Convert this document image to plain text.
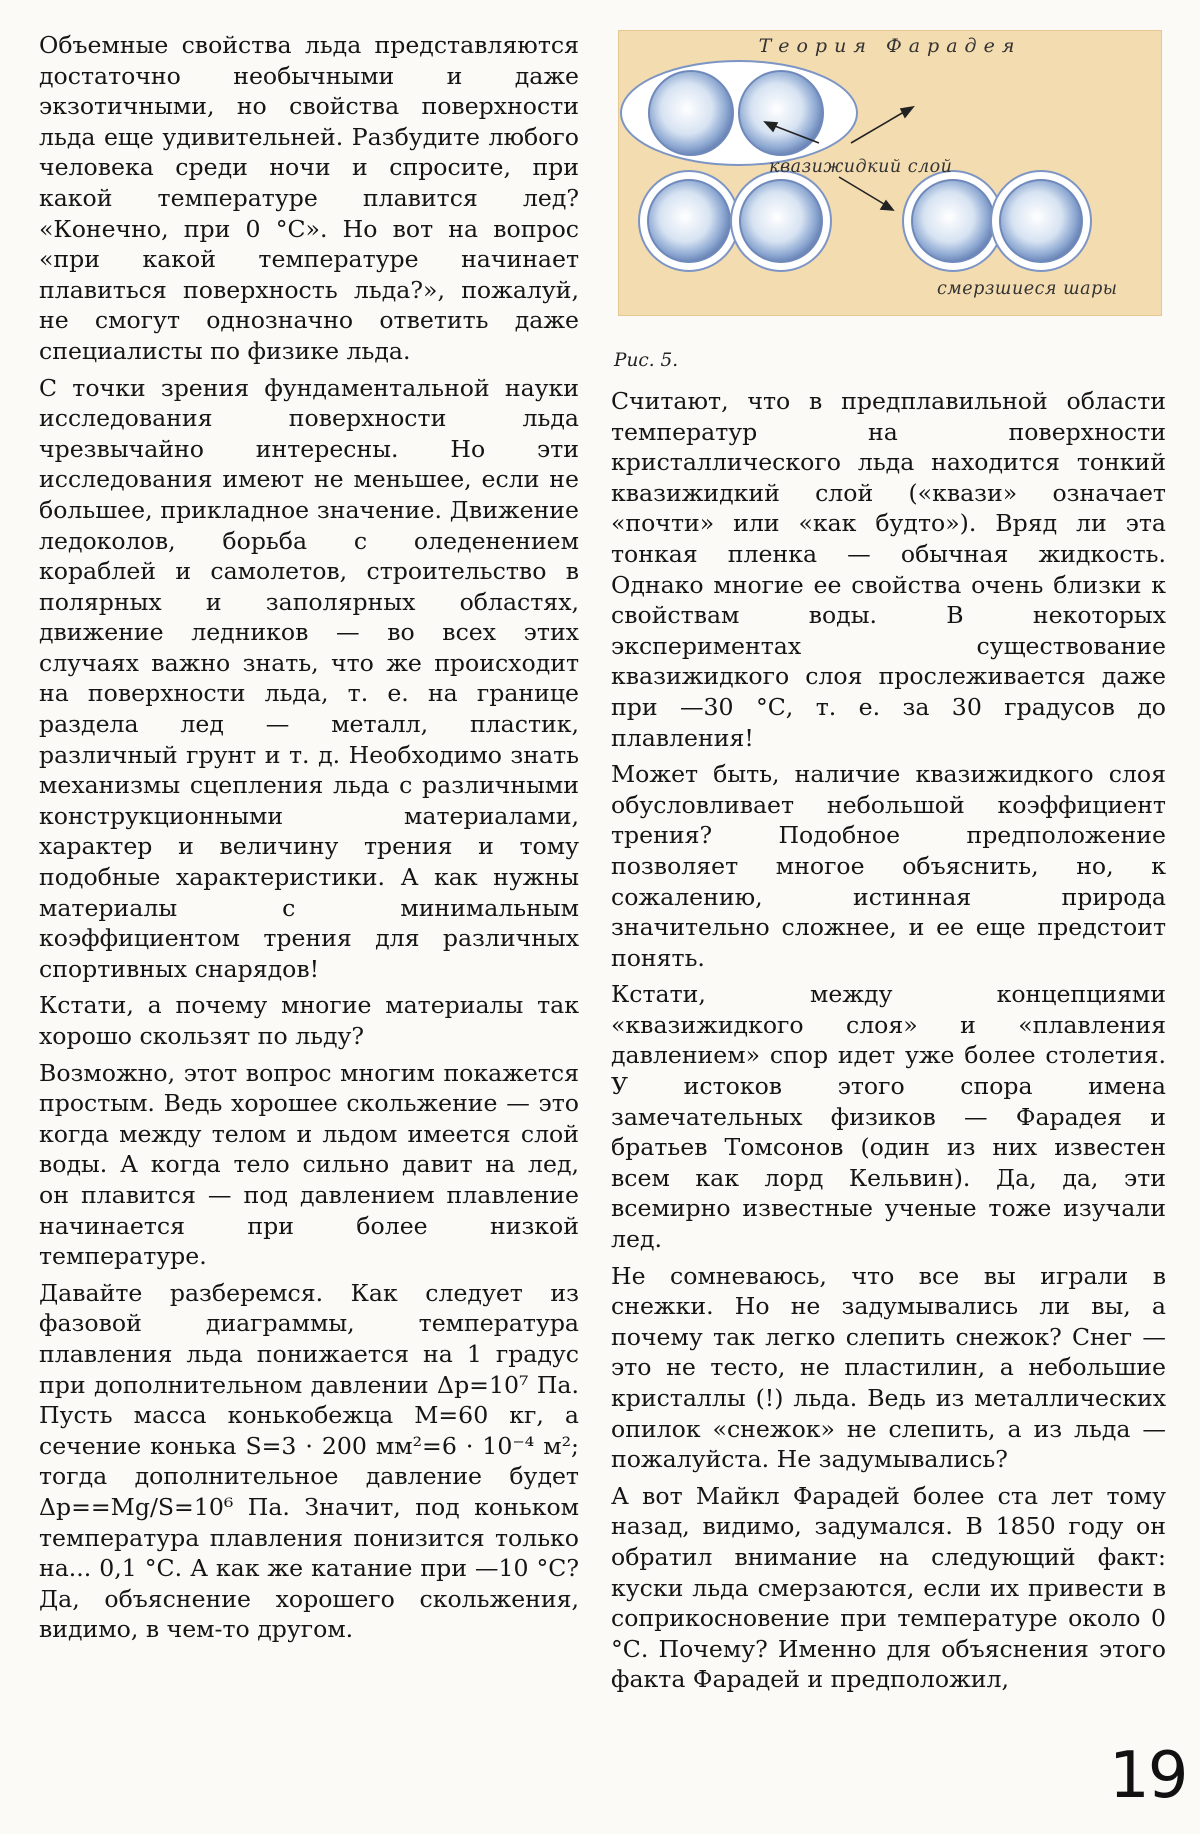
Объемные свойства льда представляются достаточно необычными и даже экзотичными, но свойства поверхности льда еще удивительней. Разбудите любого человека среди ночи и спросите, при какой температуре плавится лед? «Конечно, при 0 °С». Но вот на вопрос «при какой температуре начинает плавиться поверхность льда?», пожалуй, не смогут однозначно ответить даже специалисты по физике льда.

С точки зрения фундаментальной науки исследования поверхности льда чрезвычайно интересны. Но эти исследования имеют не меньшее, если не большее, прикладное значение. Движение ледоколов, борьба с оледенением кораблей и самолетов, строительство в полярных и заполярных областях, движение ледников — во всех этих случаях важно знать, что же происходит на поверхности льда, т. е. на границе раздела лед — металл, пластик, различный грунт и т. д. Необходимо знать механизмы сцепления льда с различными конструкционными материалами, характер и величину трения и тому подобные характеристики. А как нужны материалы с минимальным коэффициентом трения для различных спортивных снарядов!

Кстати, а почему многие материалы так хорошо скользят по льду?

Возможно, этот вопрос многим покажется простым. Ведь хорошее скольжение — это когда между телом и льдом имеется слой воды. А когда тело сильно давит на лед, он плавится — под давлением плавление начинается при более низкой температуре.

Давайте разберемся. Как следует из фазовой диаграммы, температура плавления льда понижается на 1 градус при дополнительном давлении Δp=10⁷ Па. Пусть масса конькобежца M=60 кг, а сечение конька S=3 · 200 мм²=6 · 10⁻⁴ м²; тогда дополнительное давление будет Δp==Mg/S=10⁶ Па. Значит, под коньком температура плавления понизится только на... 0,1 °С. А как же катание при —10 °С? Да, объяснение хорошего скольжения, видимо, в чем-то другом.

Теория Фарадея
квазижидкий слой
смерзшиеся шары
Рис. 5.

Считают, что в предплавильной области температур на поверхности кристаллического льда находится тонкий квазижидкий слой («квази» означает «почти» или «как будто»). Вряд ли эта тонкая пленка — обычная жидкость. Однако многие ее свойства очень близки к свойствам воды. В некоторых экспериментах существование квазижидкого слоя прослеживается даже при —30 °С, т. е. за 30 градусов до плавления!

Может быть, наличие квазижидкого слоя обусловливает небольшой коэффициент трения? Подобное предположение позволяет многое объяснить, но, к сожалению, истинная природа значительно сложнее, и ее еще предстоит понять.

Кстати, между концепциями «квазижидкого слоя» и «плавления давлением» спор идет уже более столетия. У истоков этого спора имена замечательных физиков — Фарадея и братьев Томсонов (один из них известен всем как лорд Кельвин). Да, да, эти всемирно известные ученые тоже изучали лед.

Не сомневаюсь, что все вы играли в снежки. Но не задумывались ли вы, а почему так легко слепить снежок? Снег — это не тесто, не пластилин, а небольшие кристаллы (!) льда. Ведь из металлических опилок «снежок» не слепить, а из льда — пожалуйста. Не задумывались?

А вот Майкл Фарадей более ста лет тому назад, видимо, задумался. В 1850 году он обратил внимание на следующий факт: куски льда смерзаются, если их привести в соприкосновение при температуре около 0 °С. Почему? Именно для объяснения этого факта Фарадей и предположил,

19
